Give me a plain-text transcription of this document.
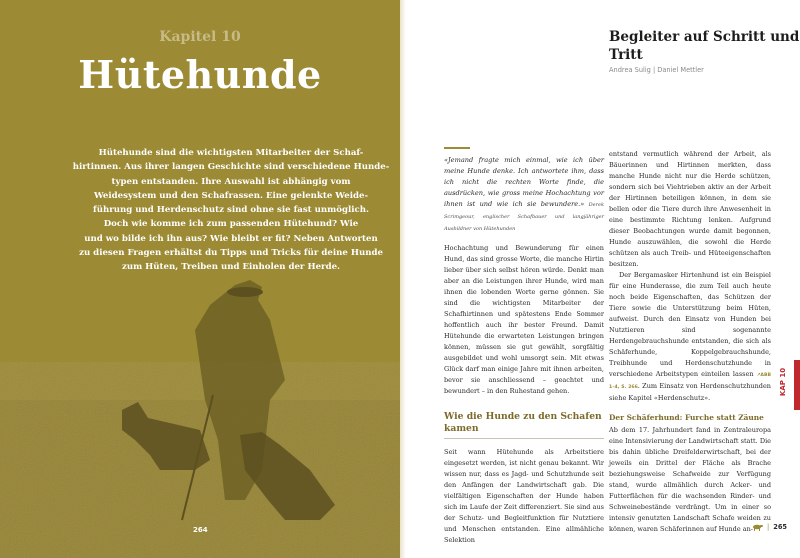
Kapitel 10
Hütehunde
Hütehunde sind die wichtigsten Mitarbeiter der Schaf-
hirtinnen. Aus ihrer langen Geschichte sind verschiedene Hunde-
typen entstanden. Ihre Auswahl ist abhängig vom
Weidesystem und den Schafrassen. Eine gelenkte Weide-
führung und Herdenschutz sind ohne sie fast unmöglich.
Doch wie komme ich zum passenden Hütehund? Wie
und wo bilde ich ihn aus? Wie bleibt er fit? Neben Antworten
zu diesen Fragen erhältst du Tipps und Tricks für deine Hunde
zum Hüten, Treiben und Einholen der Herde.
264
Begleiter auf Schritt und Tritt
Andrea Sulig | Daniel Mettler
«Jemand fragte mich einmal, wie ich über meine Hunde denke. Ich antwortete ihm, dass ich nicht die rechten Worte finde, die ausdrücken, wie gross meine Hochachtung vor ihnen ist und wie ich sie bewundere.» Derek Scrimgeour, englischer Schafbauer und langjähriger Ausbildner von Hütehunden
Hochachtung und Bewunderung für einen Hund, das sind grosse Worte, die manche Hirtin lieber über sich selbst hören würde. Denkt man aber an die Leistungen ihrer Hunde, wird man ihnen die lobenden Worte gerne gönnen. Sie sind die wichtigsten Mitarbeiter der Schafhirtinnen und spätestens Ende Sommer hoffentlich auch ihr bester Freund. Damit Hütehunde die erwarteten Leistungen bringen können, müssen sie gut gewählt, sorgfältig ausgebildet und wohl umsorgt sein. Mit etwas Glück darf man einige Jahre mit ihnen arbeiten, bevor sie anschliessend – geachtet und bewundert – in den Ruhestand gehen.
Wie die Hunde zu den Schafen kamen
Seit wann Hütehunde als Arbeitstiere eingesetzt werden, ist nicht genau bekannt. Wir wissen nur, dass es Jagd- und Schutzhunde seit den Anfängen der Landwirtschaft gab. Die vielfältigen Eigenschaften der Hunde haben sich im Laufe der Zeit differenziert. Sie sind aus der Schutz- und Begleitfunktion für Nutztiere und Menschen entstanden. Eine allmähliche Selektion
entstand vermutlich während der Arbeit, als Bäuerinnen und Hirtinnen merkten, dass manche Hunde nicht nur die Herde schützen, sondern sich bei Viehtrieben aktiv an der Arbeit der Hirtinnen beteiligen können, in dem sie bellen oder die Tiere durch ihre Anwesenheit in eine bestimmte Richtung lenken. Aufgrund dieser Beobachtungen wurde damit begonnen, Hunde auszuwählen, die sowohl die Herde schützen als auch Treib- und Hüteeigenschaften besitzen.
Der Bergamasker Hirtenhund ist ein Beispiel für eine Hunderasse, die zum Teil auch heute noch beide Eigenschaften, das Schützen der Tiere sowie die Unterstützung beim Hüten, aufweist. Durch den Einsatz von Hunden bei Nutztieren sind sogenannte Herdengebrauchshunde entstanden, die sich als Schäferhunde, Koppelgebrauchshunde, Treibhunde und Herdenschutzhunde in verschiedene Arbeitstypen einteilen lassen ↗ABB 1–4, S. 266. Zum Einsatz von Herdenschutzhunden siehe Kapitel «Herdenschutz».
Der Schäferhund: Furche statt Zäune
Ab dem 17. Jahrhundert fand in Zentraleuropa eine Intensivierung der Landwirtschaft statt. Die bis dahin übliche Dreifelderwirtschaft, bei der jeweils ein Drittel der Fläche als Brache beziehungsweise Schafweide zur Verfügung stand, wurde allmählich durch Acker- und Futterflächen für die wachsenden Rinder- und Schweinebestände verdrängt. Um in einer so intensiv genutzten Landschaft Schafe weiden zu können, waren Schäferinnen auf Hunde an-
KAP 10
| 265
